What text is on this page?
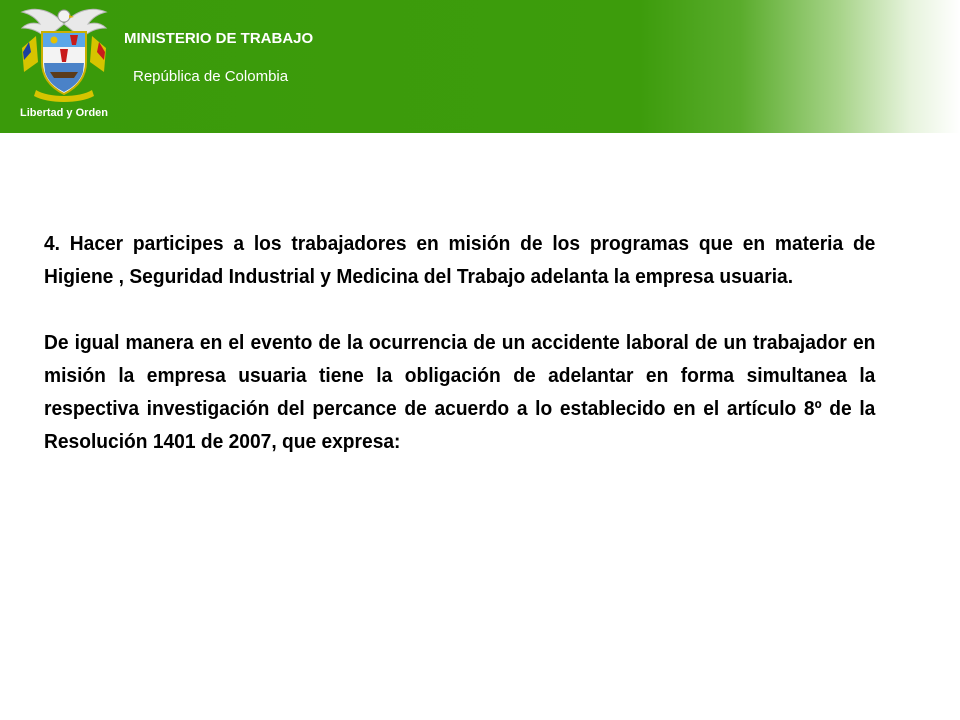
Libertad y Orden
MINISTERIO DE TRABAJO
República de Colombia

4. Hacer participes a los trabajadores en misión de los programas que en materia de Higiene , Seguridad Industrial y Medicina del Trabajo adelanta la empresa usuaria.

De igual manera en el evento de la ocurrencia de un accidente laboral de un trabajador en misión la empresa usuaria tiene la obligación de adelantar en forma simultanea la respectiva investigación del percance de acuerdo a lo establecido en el artículo 8º de la Resolución 1401 de 2007, que expresa:
